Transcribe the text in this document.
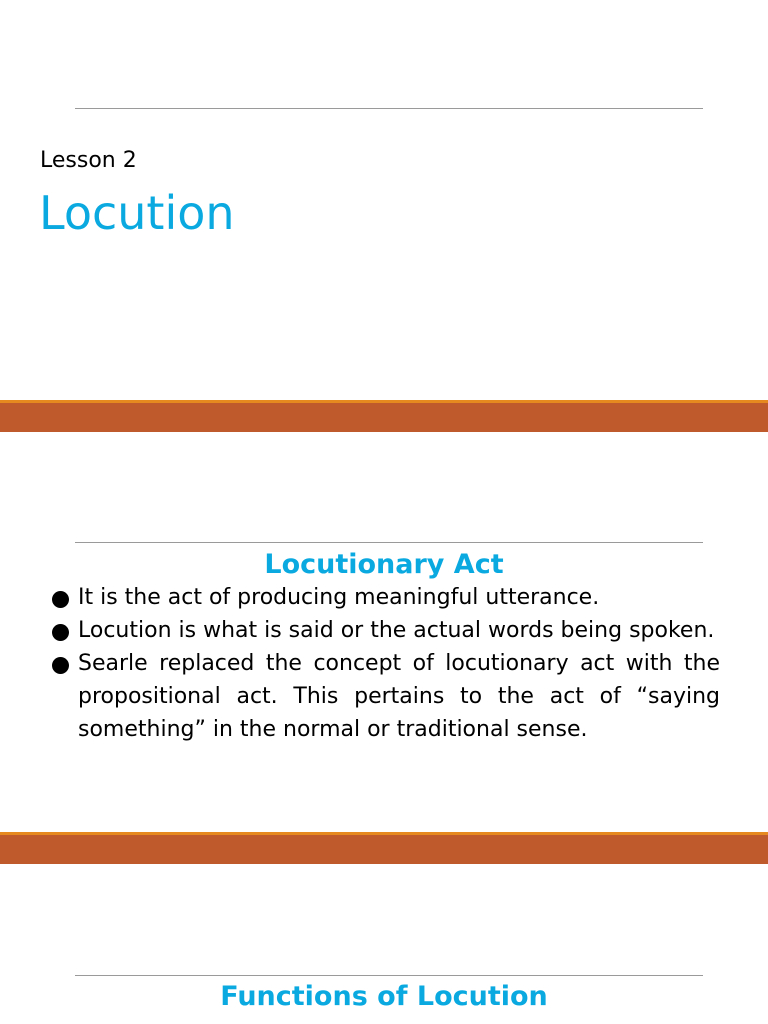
Lesson 2
Locution
Locutionary Act
It is the act of producing meaningful utterance.
Locution is what is said or the actual words being spoken.
Searle replaced the concept of locutionary act with the propositional act. This pertains to the act of “saying something” in the normal or traditional sense.
Functions of Locution
